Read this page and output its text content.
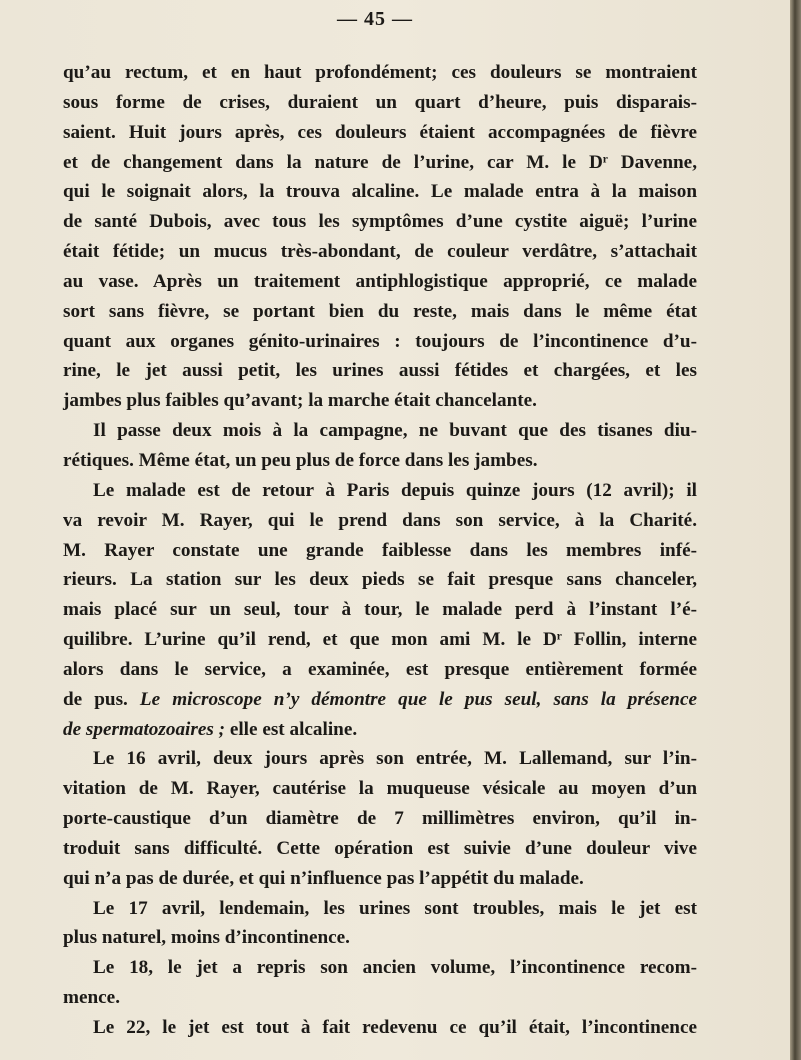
— 45 —
qu’au rectum, et en haut profondément; ces douleurs se montraient
sous forme de crises, duraient un quart d’heure, puis disparais-
saient. Huit jours après, ces douleurs étaient accompagnées de fièvre
et de changement dans la nature de l’urine, car M. le Dʳ Davenne,
qui le soignait alors, la trouva alcaline. Le malade entra à la maison
de santé Dubois, avec tous les symptômes d’une cystite aiguë; l’urine
était fétide; un mucus très-abondant, de couleur verdâtre, s’attachait
au vase. Après un traitement antiphlogistique approprié, ce malade
sort sans fièvre, se portant bien du reste, mais dans le même état
quant aux organes génito-urinaires : toujours de l’incontinence d’u-
rine, le jet aussi petit, les urines aussi fétides et chargées, et les
jambes plus faibles qu’avant; la marche était chancelante.
Il passe deux mois à la campagne, ne buvant que des tisanes diu-
rétiques. Même état, un peu plus de force dans les jambes.
Le malade est de retour à Paris depuis quinze jours (12 avril); il
va revoir M. Rayer, qui le prend dans son service, à la Charité.
M. Rayer constate une grande faiblesse dans les membres infé-
rieurs. La station sur les deux pieds se fait presque sans chanceler,
mais placé sur un seul, tour à tour, le malade perd à l’instant l’é-
quilibre. L’urine qu’il rend, et que mon ami M. le Dʳ Follin, interne
alors dans le service, a examinée, est presque entièrement formée
de pus. Le microscope n’y démontre que le pus seul, sans la présence
de spermatozoaires ; elle est alcaline.
Le 16 avril, deux jours après son entrée, M. Lallemand, sur l’in-
vitation de M. Rayer, cautérise la muqueuse vésicale au moyen d’un
porte-caustique d’un diamètre de 7 millimètres environ, qu’il in-
troduit sans difficulté. Cette opération est suivie d’une douleur vive
qui n’a pas de durée, et qui n’influence pas l’appétit du malade.
Le 17 avril, lendemain, les urines sont troubles, mais le jet est
plus naturel, moins d’incontinence.
Le 18, le jet a repris son ancien volume, l’incontinence recom-
mence.
Le 22, le jet est tout à fait redevenu ce qu’il était, l’incontinence
